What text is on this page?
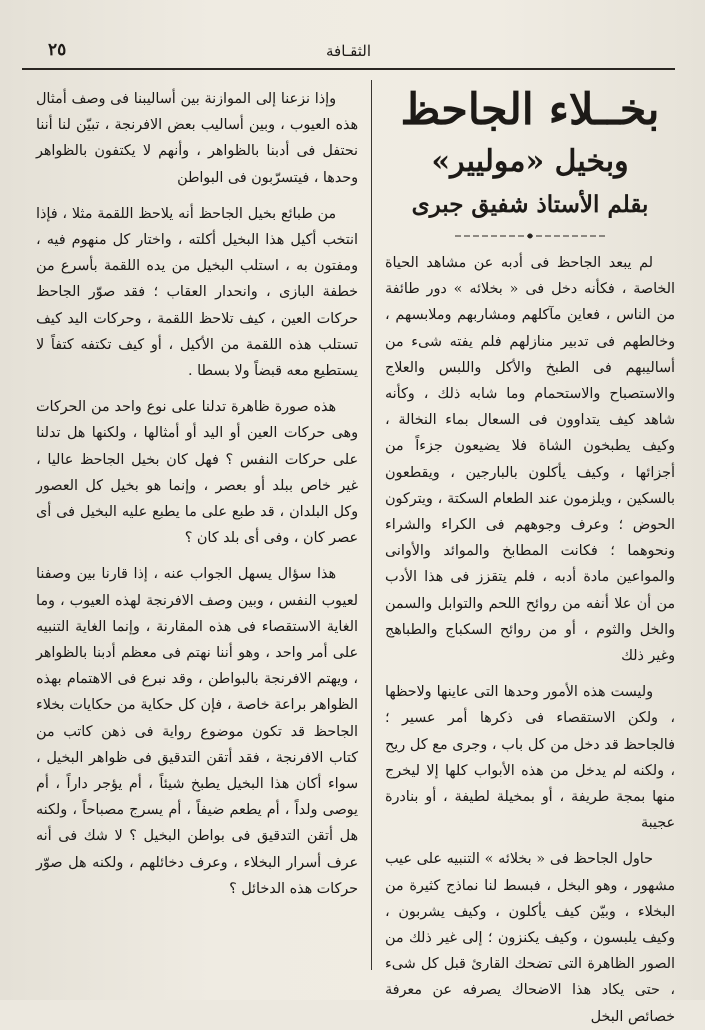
٢٥	الثقـافة
بخــلاء الجاحظ
وبخيل «موليير»
بقلم الأستاذ شفيق جبرى

لم يبعد الجاحظ فى أدبه عن مشاهد الحياة الخاصة ، فكأنه دخل فى « بخلائه » دور طائفة من الناس ، فعاين مآكلهم ومشاربهم وملابسهم ، وخالطهم فى تدبير منازلهم فلم يفته شىء من أساليبهم فى الطبخ والأكل واللبس والعلاج والاستصباح والاستحمام وما شابه ذلك ، وكأنه شاهد كيف يتداوون فى السعال بماء النخالة ، وكيف يطبخون الشاة فلا يضيعون جزءاً من أجزائها ، وكيف يأكلون بالبارجين ، ويقطعون بالسكين ، ويلزمون عند الطعام السكتة ، ويتركون الحوض ؛ وعرف وجوههم فى الكراء والشراء ونحوهما ؛ فكانت المطابخ والموائد والأوانى والمواعين مادة أدبه ، فلم يتقزز فى هذا الأدب من أن علا أنفه من روائح اللحم والتوابل والسمن والخل والثوم ، أو من روائح السكباج والطباهج وغير ذلك

وليست هذه الأمور وحدها التى عاينها ولاحظها ، ولكن الاستقصاء فى ذكرها أمر عسير ؛ فالجاحظ قد دخل من كل باب ، وجرى مع كل ريح ، ولكنه لم يدخل من هذه الأبواب كلها إلا ليخرج منها بمجة طريفة ، أو بمخيلة لطيفة ، أو بنادرة عجيبة

حاول الجاحظ فى « بخلائه » التنبيه على عيب مشهور ، وهو البخل ، فبسط لنا نماذج كثيرة من البخلاء ، وبيّن كيف يأكلون ، وكيف يشربون ، وكيف يلبسون ، وكيف يكنزون ؛ إلى غير ذلك من الصور الظاهرة التى تضحك القارئ قبل كل شىء ، حتى يكاد هذا الاضحاك يصرفه عن معرفة خصائص البخل

وإذا نزعنا إلى الموازنة بين أساليبنا فى وصف أمثال هذه العيوب ، وبين أساليب بعض الافرنجة ، تبيّن لنا أننا نحتفل فى أدبنا بالظواهر ، وأنهم لا يكتفون بالظواهر وحدها ، فيتسرّبون فى البواطن

من طبائع بخيل الجاحظ أنه يلاحظ اللقمة مثلا ، فإذا انتخب أكيل هذا البخيل أكلته ، واختار كل منهوم فيه ، ومفتون به ، استلب البخيل من يده اللقمة بأسرع من خطفة البازى ، وانحدار العقاب ؛ فقد صوّر الجاحظ حركات العين ، كيف تلاحظ اللقمة ، وحركات اليد كيف تستلب هذه اللقمة من الأكيل ، أو كيف تكتفه كتفاً لا يستطيع معه قبضاً ولا بسطا .

هذه صورة ظاهرة تدلنا على نوع واحد من الحركات وهى حركات العين أو اليد أو أمثالها ، ولكنها هل تدلنا على حركات النفس ؟ فهل كان بخيل الجاحظ عاليا ، غير خاص ببلد أو بعصر ، وإنما هو بخيل كل العصور وكل البلدان ، قد طبع على ما يطبع عليه البخيل فى أى عصر كان ، وفى أى بلد كان ؟

هذا سؤال يسهل الجواب عنه ، إذا قارنا بين وصفنا لعيوب النفس ، وبين وصف الافرنجة لهذه العيوب ، وما الغاية الاستقصاء فى هذه المقارنة ، وإنما الغاية التنبيه على أمر واحد ، وهو أننا نهتم فى معظم أدبنا بالظواهر ، ويهتم الافرنجة بالبواطن ، وقد نبرع فى الاهتمام بهذه الظواهر براعة خاصة ، فإن كل حكاية من حكايات بخلاء الجاحظ قد تكون موضوع رواية فى ذهن كاتب من كتاب الافرنجة ، فقد أتقن التدقيق فى ظواهر البخيل ، سواء أكان هذا البخيل يطبخ شيئاً ، أم يؤجر داراً ، أم يوصى ولداً ، أم يطعم ضيفاً ، أم يسرج مصباحاً ، ولكنه هل أتقن التدقيق فى بواطن البخيل ؟ لا شك فى أنه عرف أسرار البخلاء ، وعرف دخائلهم ، ولكنه هل صوّر حركات هذه الدخائل ؟
